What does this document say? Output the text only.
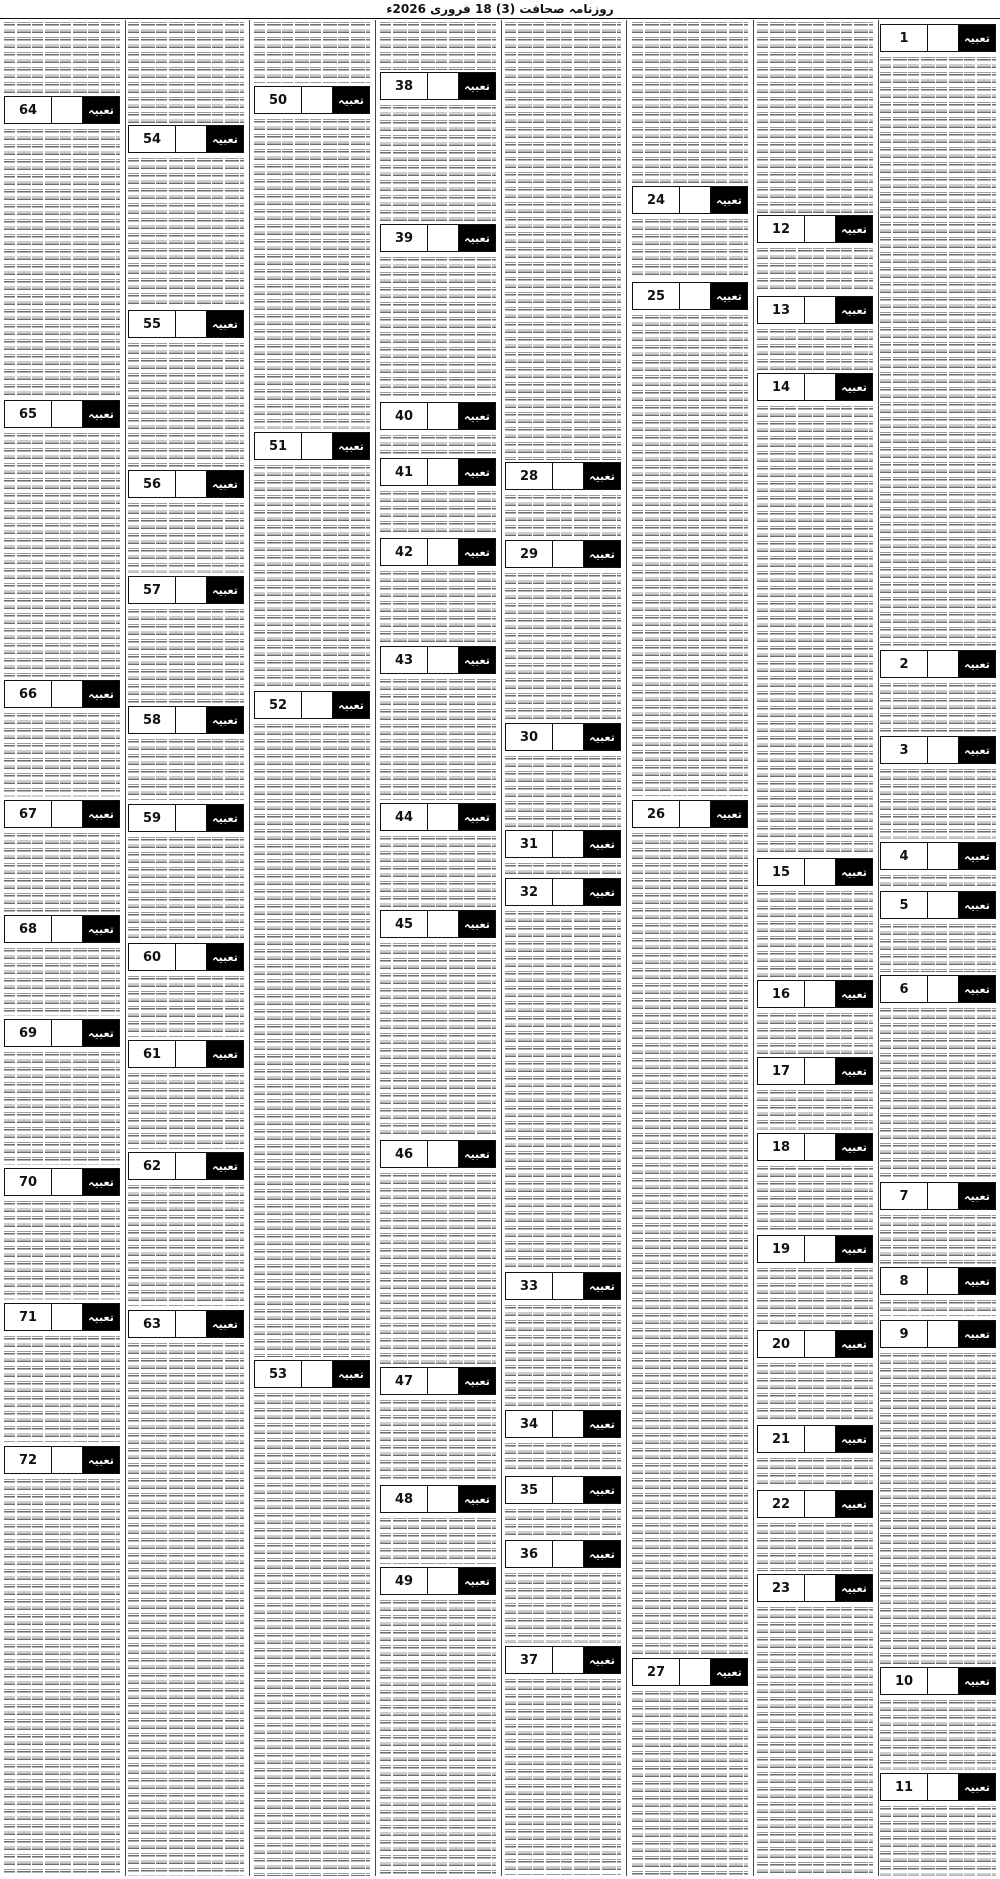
روزنامہ صحافت (3) 18 فروری 2026ء
1	تعبیہ
2	تعبیہ
3	تعبیہ
4	تعبیہ
5	تعبیہ
6	تعبیہ
7	تعبیہ
8	تعبیہ
9	تعبیہ
10	تعبیہ
11	تعبیہ
12	تعبیہ
13	تعبیہ
14	تعبیہ
15	تعبیہ
16	تعبیہ
17	تعبیہ
18	تعبیہ
19	تعبیہ
20	تعبیہ
21	تعبیہ
22	تعبیہ
23	تعبیہ
24	تعبیہ
25	تعبیہ
26	تعبیہ
27	تعبیہ
28	تعبیہ
29	تعبیہ
30	تعبیہ
31	تعبیہ
32	تعبیہ
33	تعبیہ
34	تعبیہ
35	تعبیہ
36	تعبیہ
37	تعبیہ
38	تعبیہ
39	تعبیہ
40	تعبیہ
41	تعبیہ
42	تعبیہ
43	تعبیہ
44	تعبیہ
45	تعبیہ
46	تعبیہ
47	تعبیہ
48	تعبیہ
49	تعبیہ
50	تعبیہ
51	تعبیہ
52	تعبیہ
53	تعبیہ
54	تعبیہ
55	تعبیہ
56	تعبیہ
57	تعبیہ
58	تعبیہ
59	تعبیہ
60	تعبیہ
61	تعبیہ
62	تعبیہ
63	تعبیہ
64	تعبیہ
65	تعبیہ
66	تعبیہ
67	تعبیہ
68	تعبیہ
69	تعبیہ
70	تعبیہ
71	تعبیہ
72	تعبیہ
